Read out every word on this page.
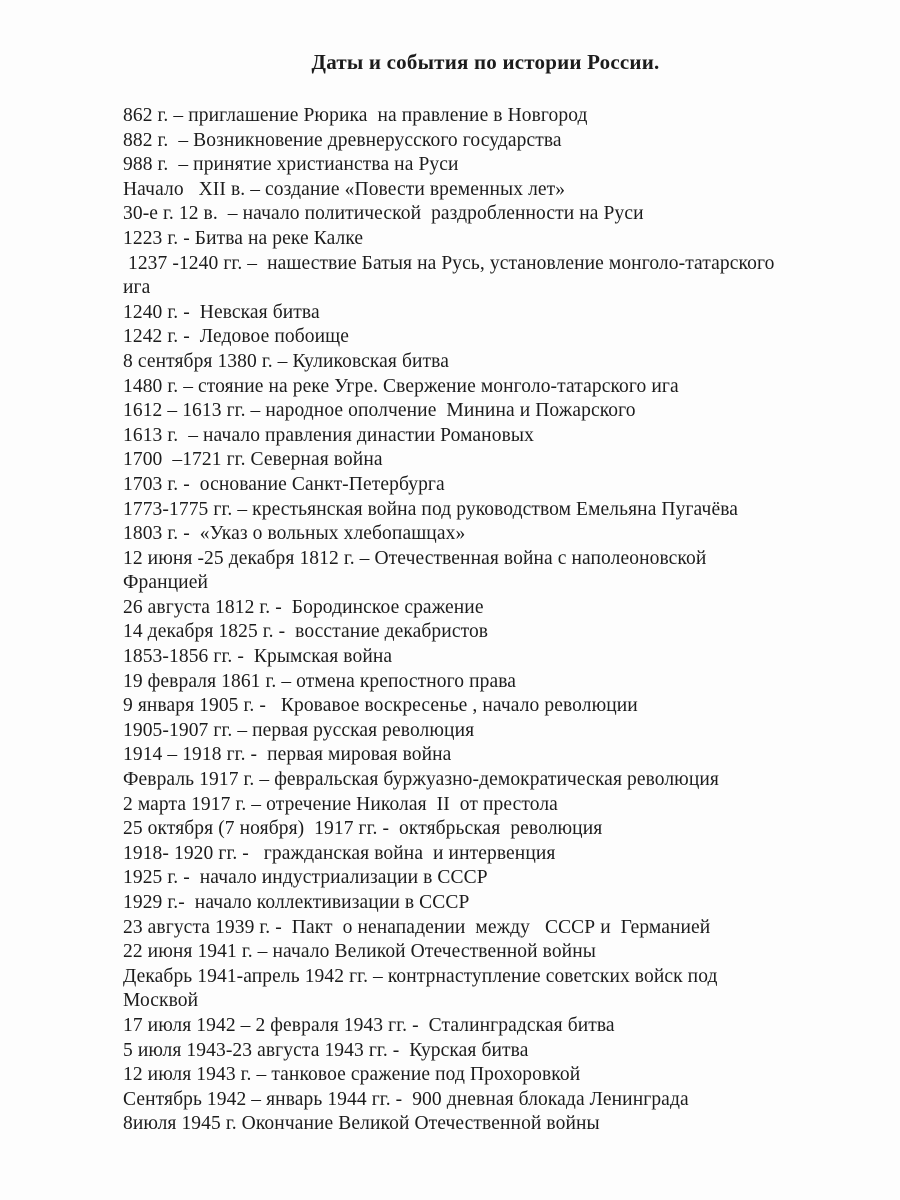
Даты и события по истории России.
862 г. – приглашение Рюрика  на правление в Новгород
882 г.  – Возникновение древнерусского государства
988 г.  – принятие христианства на Руси
Начало   XII в. – создание «Повести временных лет»
30-е г. 12 в.  – начало политической  раздробленности на Руси
1223 г. - Битва на реке Калке
1237 -1240 гг. –  нашествие Батыя на Русь, установление монголо-татарского
ига
1240 г. -  Невская битва
1242 г. -  Ледовое побоище
8 сентября 1380 г. – Куликовская битва
1480 г. – стояние на реке Угре. Свержение монголо-татарского ига
1612 – 1613 гг. – народное ополчение  Минина и Пожарского
1613 г.  – начало правления династии Романовых
1700  –1721 гг. Северная война
1703 г. -  основание Санкт-Петербурга
1773-1775 гг. – крестьянская война под руководством Емельяна Пугачёва
1803 г. -  «Указ о вольных хлебопашцах»
12 июня -25 декабря 1812 г. – Отечественная война с наполеоновской
Францией
26 августа 1812 г. -  Бородинское сражение
14 декабря 1825 г. -  восстание декабристов
1853-1856 гг. -  Крымская война
19 февраля 1861 г. – отмена крепостного права
9 января 1905 г. -   Кровавое воскресенье , начало революции
1905-1907 гг. – первая русская революция
1914 – 1918 гг. -  первая мировая война
Февраль 1917 г. – февральская буржуазно-демократическая революция
2 марта 1917 г. – отречение Николая  II  от престола
25 октября (7 ноября)  1917 гг. -  октябрьская  революция
1918- 1920 гг. -   гражданская война  и интервенция
1925 г. -  начало индустриализации в СССР
1929 г.-  начало коллективизации в СССР
23 августа 1939 г. -  Пакт  о ненападении  между   СССР и  Германией
22 июня 1941 г. – начало Великой Отечественной войны
Декабрь 1941-апрель 1942 гг. – контрнаступление советских войск под
Москвой
17 июля 1942 – 2 февраля 1943 гг. -  Сталинградская битва
5 июля 1943-23 августа 1943 гг. -  Курская битва
12 июля 1943 г. – танковое сражение под Прохоровкой
Сентябрь 1942 – январь 1944 гг. -  900 дневная блокада Ленинграда
8июля 1945 г. Окончание Великой Отечественной войны
